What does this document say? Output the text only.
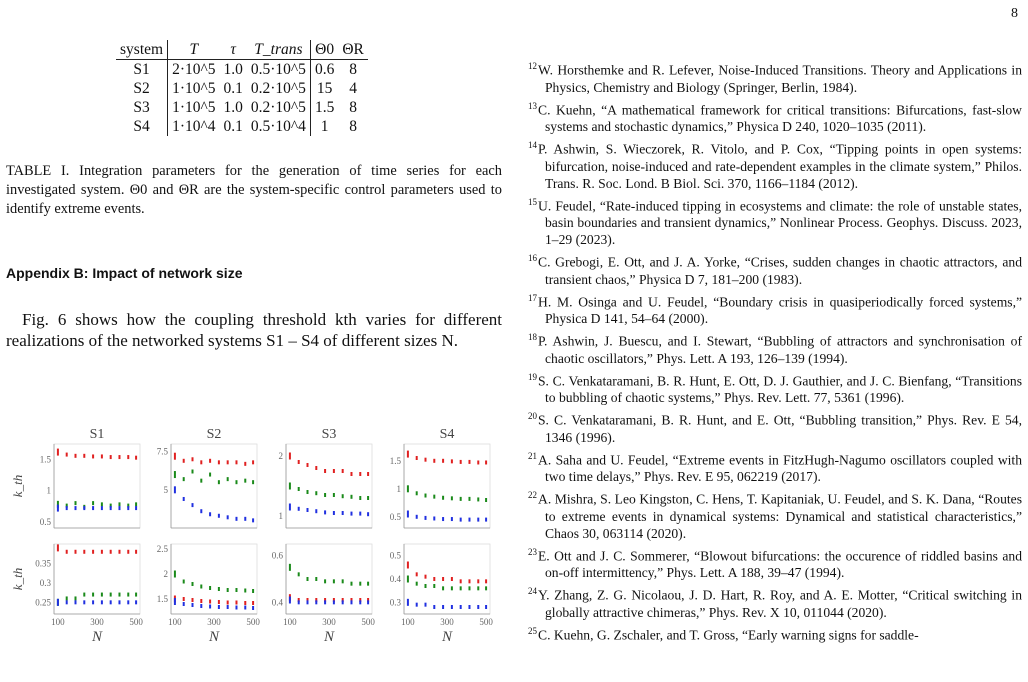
8
system	T	τ	T_trans	Θ0	ΘR
S1	2·10^5	1.0	0.5·10^5	0.6	8
S2	1·10^5	0.1	0.2·10^5	15	4
S3	1·10^5	1.0	0.2·10^5	1.5	8
S4	1·10^4	0.1	0.5·10^4	1	8
TABLE I. Integration parameters for the generation of time series for each investigated system. Θ0 and ΘR are the system-specific control parameters used to identify extreme events.
Appendix B: Impact of network size
Fig. 6 shows how the coupling threshold kth varies for different realizations of the networked systems S1 – S4 of different sizes N.
S1	S2	S3	S4
k_th
k_th
0.5
1
1.5
5
7.5
1
2
0.5
1
1.5
0.25
0.3
0.35
100	300	500
N
1.5
2
2.5
100	300	500
N
0.4
0.6
100	300	500
N
0.3
0.4
0.5
100	300	500
N
$^{12}$W. Horsthemke and R. Lefever, Noise-Induced Transitions. Theory and Applications in Physics, Chemistry and Biology (Springer, Berlin, 1984).
$^{13}$C. Kuehn, “A mathematical framework for critical transitions: Bifurcations, fast-slow systems and stochastic dynamics,” Physica D 240, 1020–1035 (2011).
$^{14}$P. Ashwin, S. Wieczorek, R. Vitolo, and P. Cox, “Tipping points in open systems: bifurcation, noise-induced and rate-dependent examples in the climate system,” Philos. Trans. R. Soc. Lond. B Biol. Sci. 370, 1166–1184 (2012).
$^{15}$U. Feudel, “Rate-induced tipping in ecosystems and climate: the role of unstable states, basin boundaries and transient dynamics,” Nonlinear Process. Geophys. Discuss. 2023, 1–29 (2023).
$^{16}$C. Grebogi, E. Ott, and J. A. Yorke, “Crises, sudden changes in chaotic attractors, and transient chaos,” Physica D 7, 181–200 (1983).
$^{17}$H. M. Osinga and U. Feudel, “Boundary crisis in quasiperiodically forced systems,” Physica D 141, 54–64 (2000).
$^{18}$P. Ashwin, J. Buescu, and I. Stewart, “Bubbling of attractors and synchronisation of chaotic oscillators,” Phys. Lett. A 193, 126–139 (1994).
$^{19}$S. C. Venkataramani, B. R. Hunt, E. Ott, D. J. Gauthier, and J. C. Bienfang, “Transitions to bubbling of chaotic systems,” Phys. Rev. Lett. 77, 5361 (1996).
$^{20}$S. C. Venkataramani, B. R. Hunt, and E. Ott, “Bubbling transition,” Phys. Rev. E 54, 1346 (1996).
$^{21}$A. Saha and U. Feudel, “Extreme events in FitzHugh-Nagumo oscillators coupled with two time delays,” Phys. Rev. E 95, 062219 (2017).
$^{22}$A. Mishra, S. Leo Kingston, C. Hens, T. Kapitaniak, U. Feudel, and S. K. Dana, “Routes to extreme events in dynamical systems: Dynamical and statistical characteristics,” Chaos 30, 063114 (2020).
$^{23}$E. Ott and J. C. Sommerer, “Blowout bifurcations: the occurence of riddled basins and on-off intermittency,” Phys. Lett. A 188, 39–47 (1994).
$^{24}$Y. Zhang, Z. G. Nicolaou, J. D. Hart, R. Roy, and A. E. Motter, “Critical switching in globally attractive chimeras,” Phys. Rev. X 10, 011044 (2020).
$^{25}$C. Kuehn, G. Zschaler, and T. Gross, “Early warning signs for saddle-
